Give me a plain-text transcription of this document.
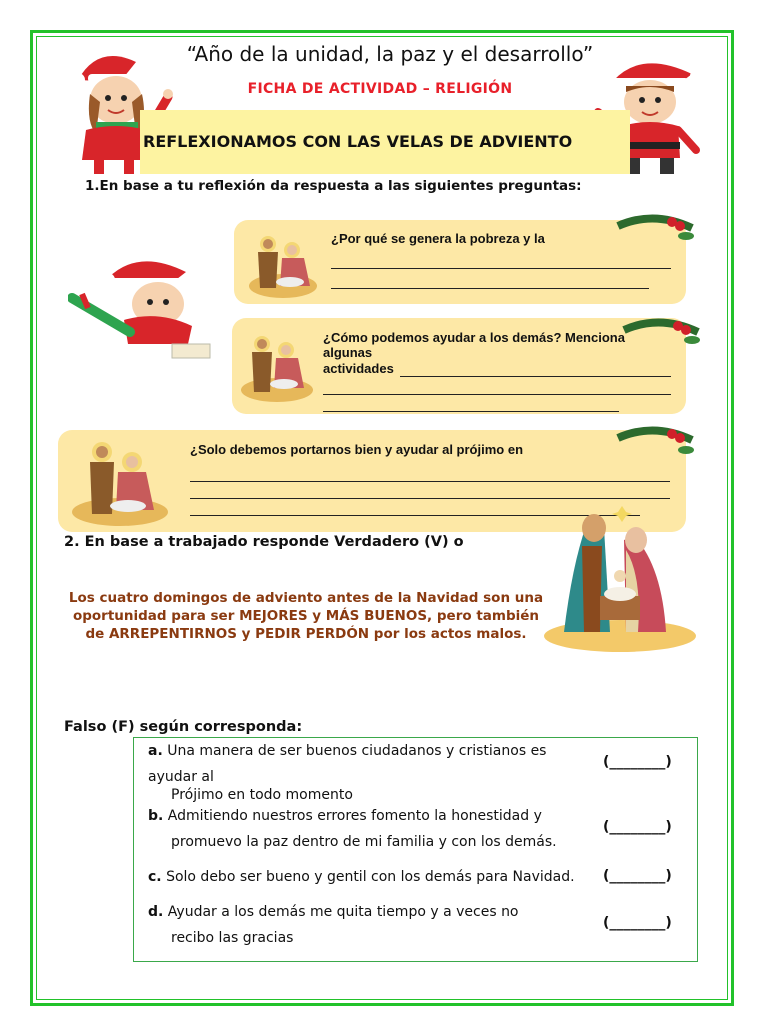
“Año de la unidad, la paz y el desarrollo”
FICHA DE ACTIVIDAD – RELIGIÓN
REFLEXIONAMOS CON LAS VELAS DE ADVIENTO
1.En base a tu reflexión da respuesta a las siguientes preguntas:
¿Por qué se genera la pobreza y la
¿Cómo podemos ayudar a los demás? Menciona
algunas
actividades
¿Solo debemos portarnos bien y ayudar al prójimo en
2. En base a trabajado responde Verdadero (V) o
Los cuatro domingos de adviento antes de la Navidad son una
oportunidad para ser MEJORES y MÁS BUENOS, pero también
de ARREPENTIRNOS y PEDIR PERDÓN por los actos malos.
Falso (F) según corresponda:
a. Una manera de ser buenos ciudadanos y cristianos es
ayudar al
Prójimo en todo momento
(________)
b. Admitiendo nuestros errores fomento la honestidad y
promuevo la paz dentro de mi familia y con los demás.
(________)
c. Solo debo ser bueno y gentil con los demás para Navidad. (________)
d. Ayudar a los demás me quita tiempo y a veces no
recibo las gracias
(________)
